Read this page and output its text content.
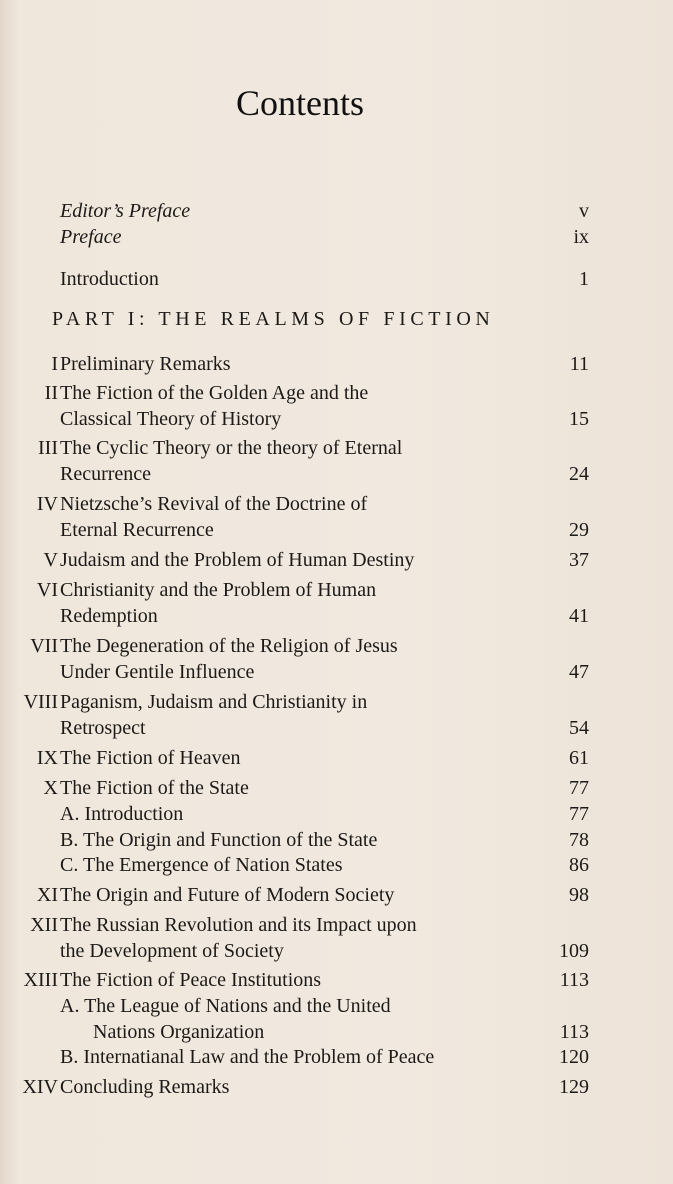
Contents
Editor’s Preface	v
Preface	ix
Introduction	1
PART I: THE REALMS OF FICTION
I Preliminary Remarks	11
II The Fiction of the Golden Age and the
Classical Theory of History	15
III The Cyclic Theory or the theory of Eternal
Recurrence	24
IV Nietzsche’s Revival of the Doctrine of
Eternal Recurrence	29
V Judaism and the Problem of Human Destiny	37
VI Christianity and the Problem of Human
Redemption	41
VII The Degeneration of the Religion of Jesus
Under Gentile Influence	47
VIII Paganism, Judaism and Christianity in
Retrospect	54
IX The Fiction of Heaven	61
X The Fiction of the State	77
A. Introduction	77
B. The Origin and Function of the State	78
C. The Emergence of Nation States	86
XI The Origin and Future of Modern Society	98
XII The Russian Revolution and its Impact upon
the Development of Society	109
XIII The Fiction of Peace Institutions	113
A. The League of Nations and the United
Nations Organization	113
B. Internatianal Law and the Problem of Peace	120
XIV Concluding Remarks	129
